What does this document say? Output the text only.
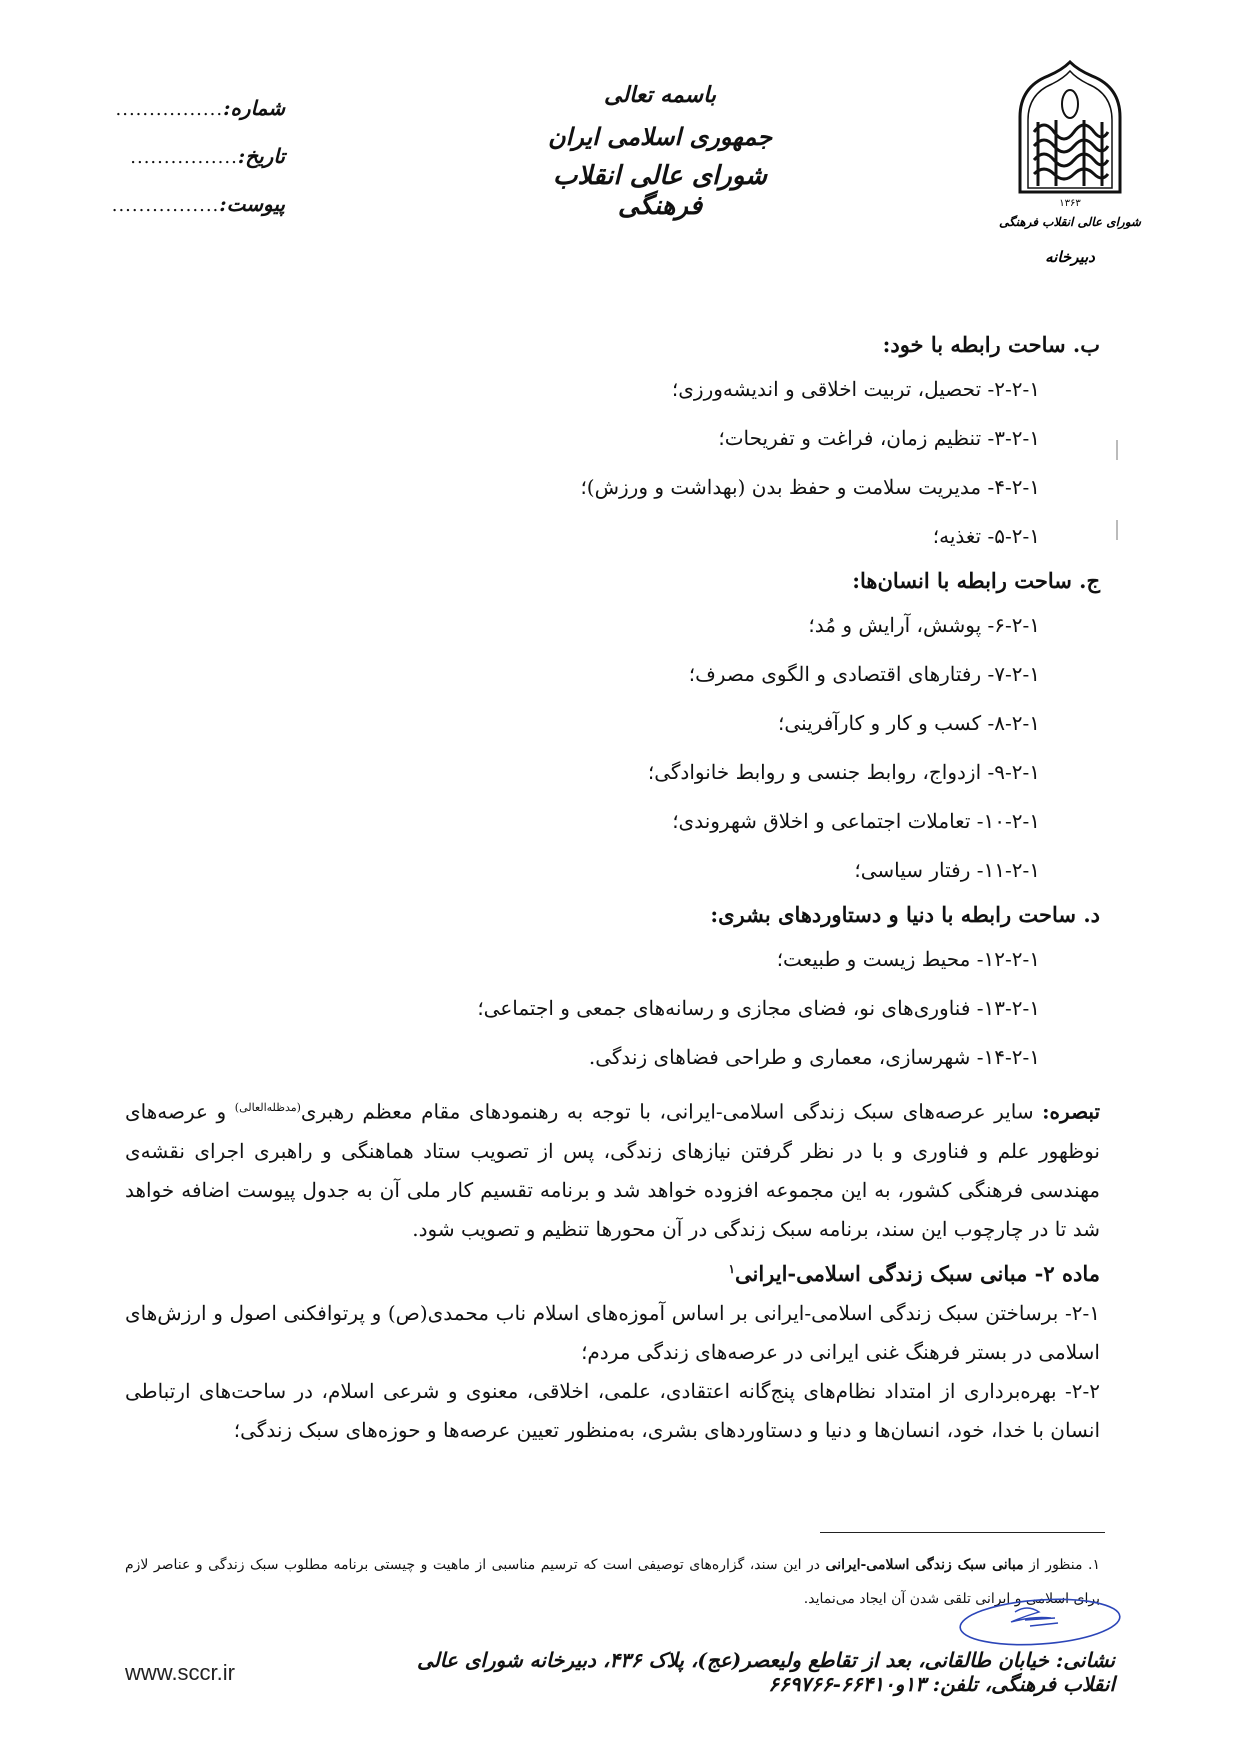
۱۳۶۳
شورای عالی انقلاب فرهنگی
دبیرخانه
باسمه تعالی
جمهوری اسلامی ایران
شورای عالی انقلاب فرهنگی
شماره:
................
تاریخ:
................
پیوست:
................
ب. ساحت رابطه با خود:
۲-۲-۱- تحصیل، تربیت اخلاقی و اندیشه‌ورزی؛
۳-۲-۱- تنظیم زمان، فراغت و تفریحات؛
۴-۲-۱- مدیریت سلامت و حفظ بدن (بهداشت و ورزش)؛
۵-۲-۱- تغذیه؛
ج. ساحت رابطه با انسان‌ها:
۶-۲-۱- پوشش، آرایش و مُد؛
۷-۲-۱- رفتارهای اقتصادی و الگوی مصرف؛
۸-۲-۱- کسب و کار و کارآفرینی؛
۹-۲-۱- ازدواج، روابط جنسی و روابط خانوادگی؛
۱۰-۲-۱- تعاملات اجتماعی و اخلاق شهروندی؛
۱۱-۲-۱- رفتار سیاسی؛
د. ساحت رابطه با دنیا و دستاوردهای بشری:
۱۲-۲-۱- محیط زیست و طبیعت؛
۱۳-۲-۱- فناوری‌های نو، فضای مجازی و رسانه‌های جمعی و اجتماعی؛
۱۴-۲-۱- شهرسازی، معماری و طراحی فضاهای زندگی.
تبصره: سایر عرصه‌های سبک زندگی اسلامی-ایرانی، با توجه به رهنمودهای مقام معظم رهبری$^{(مدظله‌العالی)}$ و عرصه‌های نوظهور علم و فناوری و با در نظر گرفتن نیازهای زندگی، پس از تصویب ستاد هماهنگی و راهبری اجرای نقشه‌ی مهندسی فرهنگی کشور، به این مجموعه افزوده خواهد شد و برنامه تقسیم کار ملی آن به جدول پیوست اضافه خواهد شد تا در چارچوب این سند، برنامه سبک زندگی در آن محورها تنظیم و تصویب شود.
ماده ۲- مبانی سبک زندگی اسلامی-ایرانی$^۱$
۲-۱- برساختن سبک زندگی اسلامی-ایرانی بر اساس آموزه‌های اسلام ناب محمدی(ص) و پرتوافکنی اصول و ارزش‌های اسلامی در بستر فرهنگ غنی ایرانی در عرصه‌های زندگی مردم؛
۲-۲- بهره‌برداری از امتداد نظام‌های پنج‌گانه اعتقادی، علمی، اخلاقی، معنوی و شرعی اسلام، در ساحت‌های ارتباطی انسان با خدا، خود، انسان‌ها و دنیا و دستاوردهای بشری، به‌منظور تعیین عرصه‌ها و حوزه‌های سبک زندگی؛
۱. منظور از مبانی سبک زندگی اسلامی-ایرانی در این سند، گزاره‌های توصیفی است که ترسیم مناسبی از ماهیت و چیستی برنامه مطلوب سبک زندگی و عناصر لازم برای اسلامی و ایرانی تلقی شدن آن ایجاد می‌نماید.
نشانی: خیابان طالقانی، بعد از تقاطع ولیعصر(عج)، پلاک ۴۳۶، دبیرخانه شورای عالی انقلاب فرهنگی، تلفن: ۱۳و۶۶۴۱۰-۶۶۹۷۶۶
www.sccr.ir
